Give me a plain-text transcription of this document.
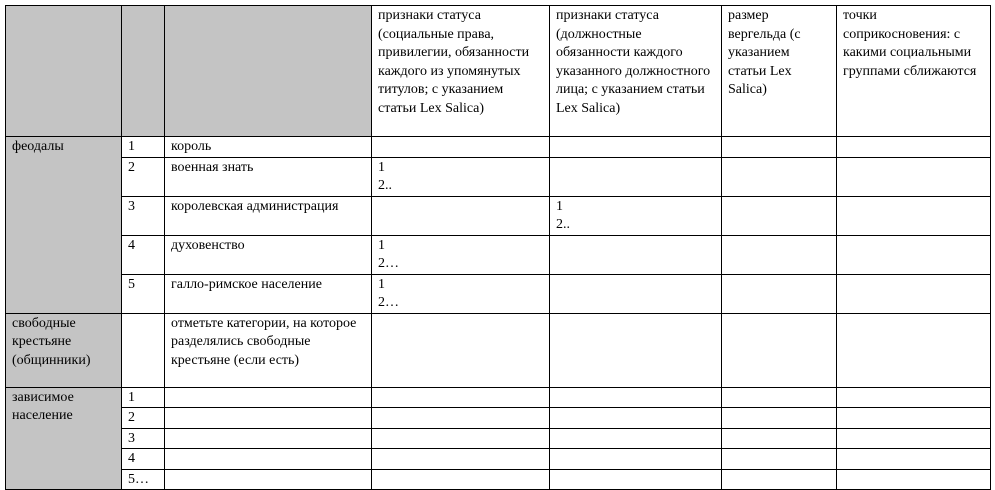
			признаки статуса (социальные права, привилегии, обязанности каждого из упомянутых титулов; с указанием статьи Lex Salica)	признаки статуса (должностные обязанности каждого указанного должностного лица; с указанием статьи Lex Salica)	размер вергельда (с указанием статьи Lex Salica)	точки соприкосновения: с какими социальными группами сближаются
феодалы	1	король				
	2	военная знать	1
2..			

	3	королевская администрация		1
2..		

	4	духовенство	1
2…			

	5	галло-римское население	1
2…			

свободные крестьяне (общинники)		отметьте категории, на которое разделялись свободные крестьяне (если есть)				
зависимое население	1					
	2					
	3					
	4					
	5…					
